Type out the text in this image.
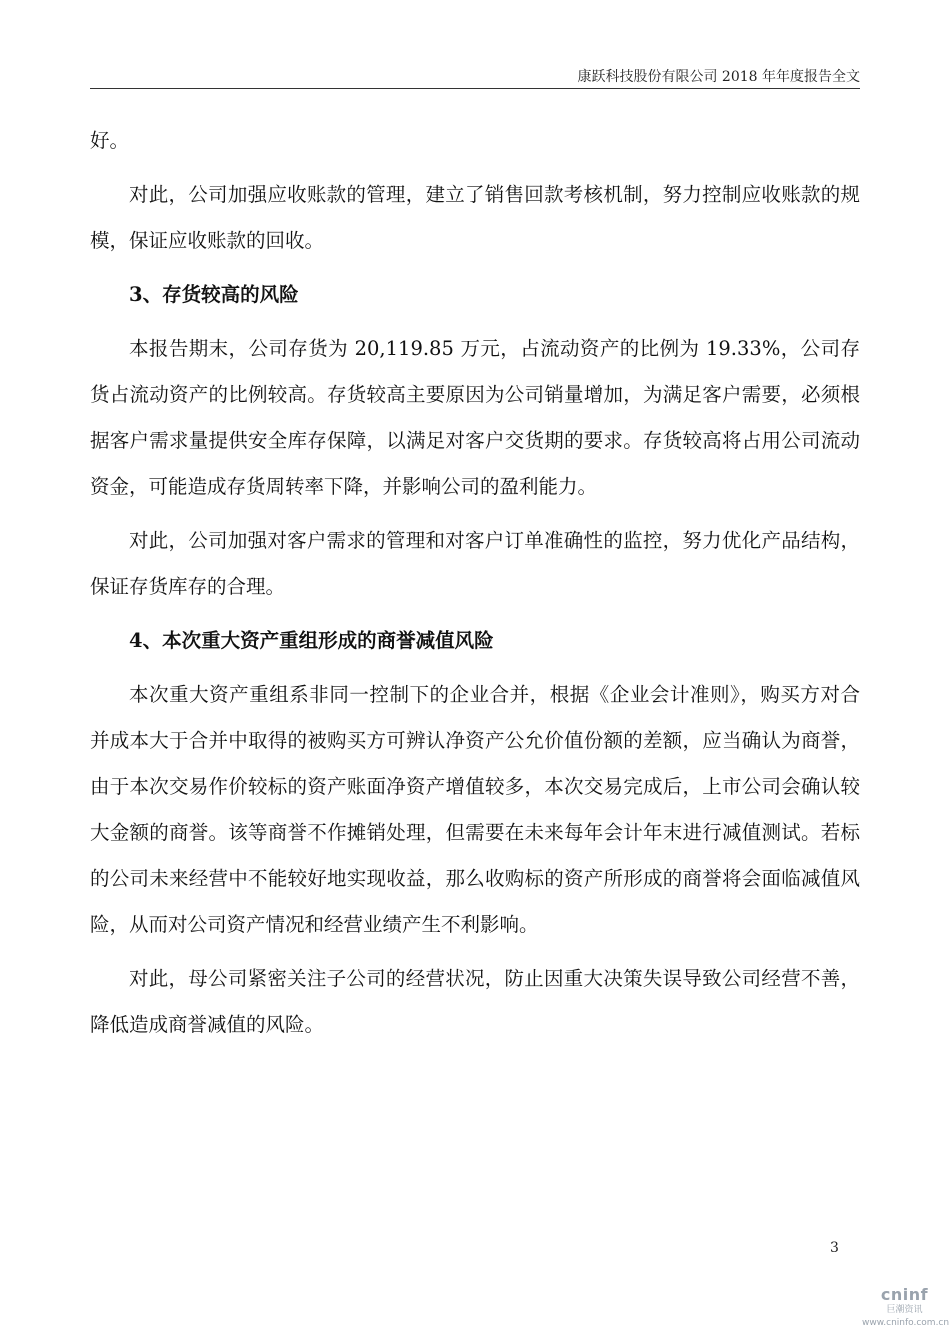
康跃科技股份有限公司 2018 年年度报告全文

好。

对此，公司加强应收账款的管理，建立了销售回款考核机制，努力控制应收账款的规模，保证应收账款的回收。

3、存货较高的风险

本报告期末，公司存货为 20,119.85 万元，占流动资产的比例为 19.33%，公司存货占流动资产的比例较高。存货较高主要原因为公司销量增加，为满足客户需要，必须根据客户需求量提供安全库存保障，以满足对客户交货期的要求。存货较高将占用公司流动资金，可能造成存货周转率下降，并影响公司的盈利能力。

对此，公司加强对客户需求的管理和对客户订单准确性的监控，努力优化产品结构，保证存货库存的合理。

4、本次重大资产重组形成的商誉减值风险

本次重大资产重组系非同一控制下的企业合并，根据《企业会计准则》，购买方对合并成本大于合并中取得的被购买方可辨认净资产公允价值份额的差额，应当确认为商誉，由于本次交易作价较标的资产账面净资产增值较多，本次交易完成后，上市公司会确认较大金额的商誉。该等商誉不作摊销处理，但需要在未来每年会计年末进行减值测试。若标的公司未来经营中不能较好地实现收益，那么收购标的资产所形成的商誉将会面临减值风险，从而对公司资产情况和经营业绩产生不利影响。

对此，母公司紧密关注子公司的经营状况，防止因重大决策失误导致公司经营不善，降低造成商誉减值的风险。

3
cninf
巨潮资讯
www.cninfo.com.cn
